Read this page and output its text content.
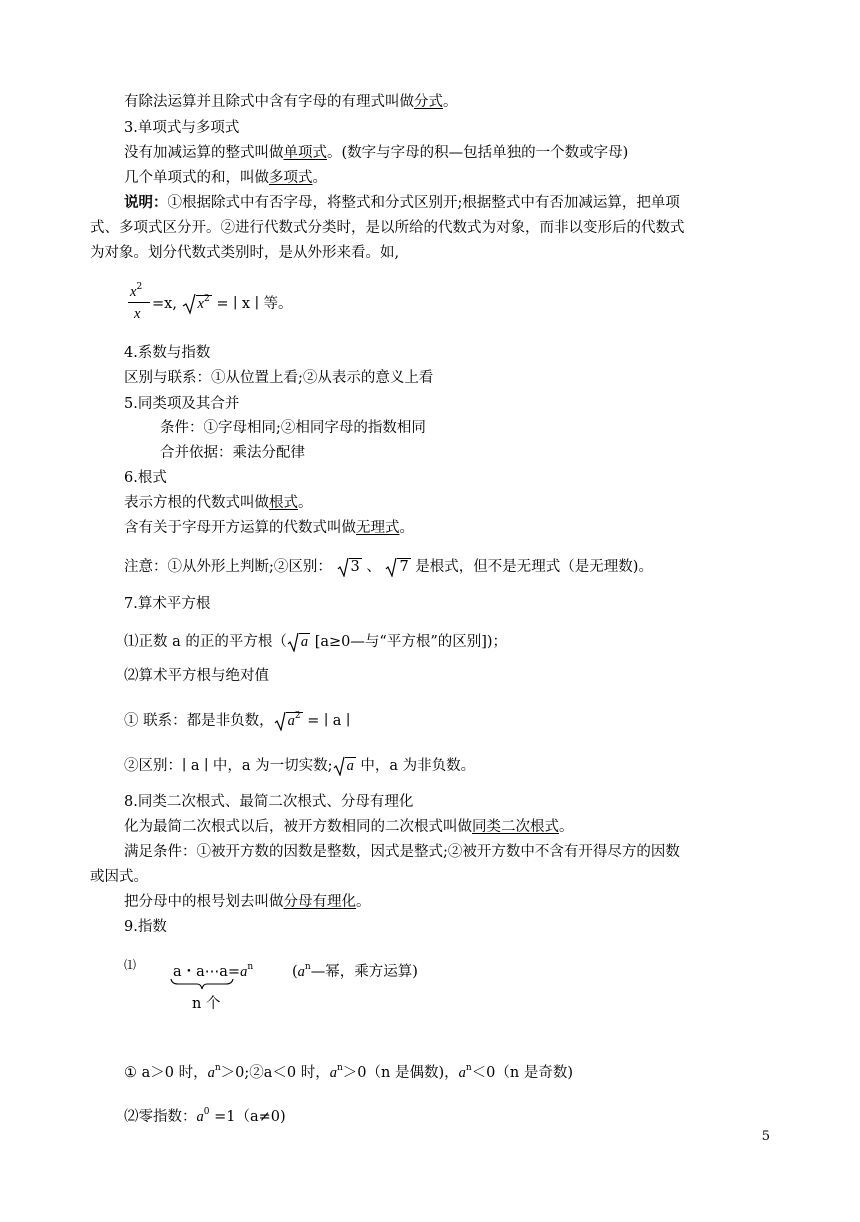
有除法运算并且除式中含有字母的有理式叫做分式。
3.单项式与多项式
没有加减运算的整式叫做单项式。(数字与字母的积—包括单独的一个数或字母)
几个单项式的和，叫做多项式。
说明：①根据除式中有否字母，将整式和分式区别开;根据整式中有否加减运算，把单项
式、多项式区分开。②进行代数式分类时，是以所给的代数式为对象，而非以变形后的代数式
为对象。划分代数式类别时，是从外形来看。如,
$x^2$
x
=x, $x^2$ = ∣ x ∣ 等。
4.系数与指数
区别与联系：①从位置上看;②从表示的意义上看
5.同类项及其合并
条件：①字母相同;②相同字母的指数相同
合并依据：乘法分配律
6.根式
表示方根的代数式叫做根式。
含有关于字母开方运算的代数式叫做无理式。
注意：①从外形上判断;②区别： 3 、 7 是根式，但不是无理式（是无理数)。
7.算术平方根
⑴正数 a 的正的平方根（ a [a≥0—与“平方根”的区别])；
⑵算术平方根与绝对值
① 联系：都是非负数， $a^2$ = ∣ a ∣
②区别：∣ a ∣ 中，a 为一切实数; a 中，a 为非负数。
8.同类二次根式、最简二次根式、分母有理化
化为最简二次根式以后，被开方数相同的二次根式叫做同类二次根式。
满足条件：①被开方数的因数是整数，因式是整式;②被开方数中不含有开得尽方的因数
或因式。
把分母中的根号划去叫做分母有理化。
9.指数
⑴	a・$a\cdots a=a^n$
n 个
($a^n—$幂，乘方运算)
① a＞0 时，$a^n>0;②a<0$ 时，$a^n>0(n$ 是偶数)，$a^n<0(n$ 是奇数)
⑵零指数：$a^0 =1(a\ne 0)$
5
